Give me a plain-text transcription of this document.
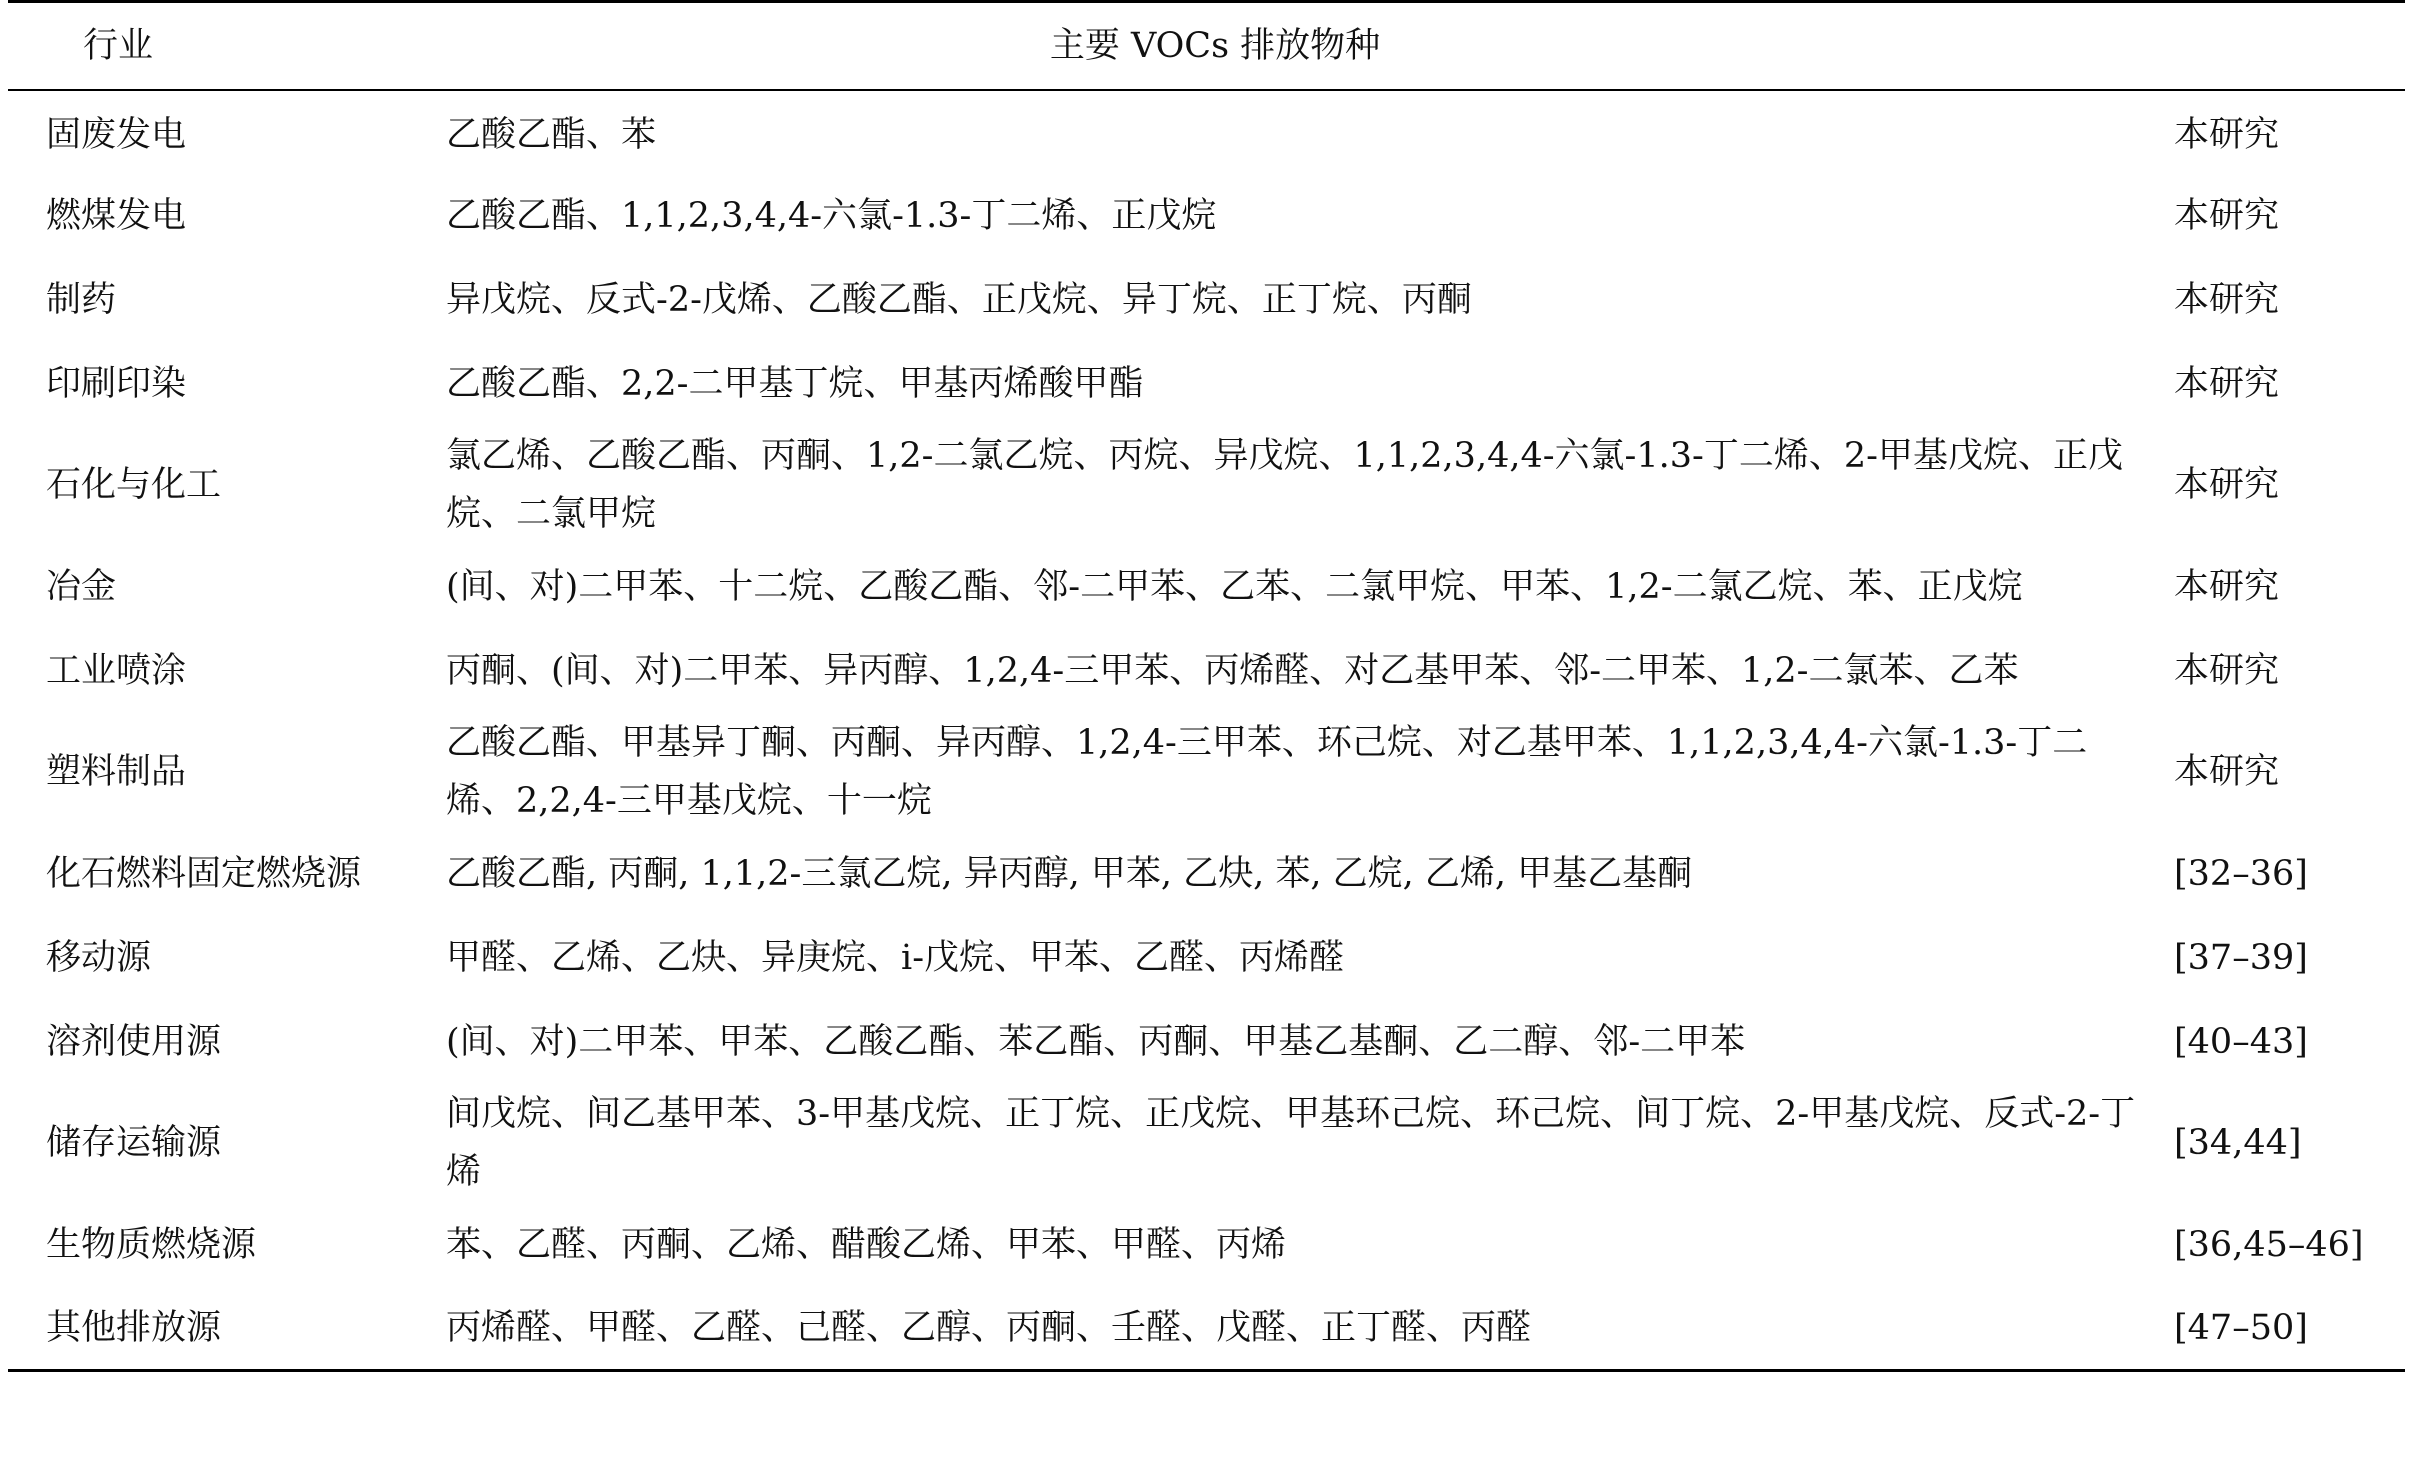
行业	主要 VOCs 排放物种	
固废发电	乙酸乙酯、苯	本研究
燃煤发电	乙酸乙酯、1,1,2,3,4,4-六氯-1.3-丁二烯、正戊烷	本研究
制药	异戊烷、反式-2-戊烯、乙酸乙酯、正戊烷、异丁烷、正丁烷、丙酮	本研究
印刷印染	乙酸乙酯、2,2-二甲基丁烷、甲基丙烯酸甲酯	本研究
石化与化工	氯乙烯、乙酸乙酯、丙酮、1,2-二氯乙烷、丙烷、异戊烷、1,1,2,3,4,4-六氯-1.3-丁二烯、2-甲基戊烷、正戊烷、二氯甲烷	本研究
冶金	(间、对)二甲苯、十二烷、乙酸乙酯、邻-二甲苯、乙苯、二氯甲烷、甲苯、1,2-二氯乙烷、苯、正戊烷	本研究
工业喷涂	丙酮、(间、对)二甲苯、异丙醇、1,2,4-三甲苯、丙烯醛、对乙基甲苯、邻-二甲苯、1,2-二氯苯、乙苯	本研究
塑料制品	乙酸乙酯、甲基异丁酮、丙酮、异丙醇、1,2,4-三甲苯、环己烷、对乙基甲苯、1,1,2,3,4,4-六氯-1.3-丁二烯、2,2,4-三甲基戊烷、十一烷	本研究
化石燃料固定燃烧源	乙酸乙酯, 丙酮, 1,1,2-三氯乙烷, 异丙醇, 甲苯, 乙炔, 苯, 乙烷, 乙烯, 甲基乙基酮	[32–36]
移动源	甲醛、乙烯、乙炔、异庚烷、i-戊烷、甲苯、乙醛、丙烯醛	[37–39]
溶剂使用源	(间、对)二甲苯、甲苯、乙酸乙酯、苯乙酯、丙酮、甲基乙基酮、乙二醇、邻-二甲苯	[40–43]
储存运输源	间戊烷、间乙基甲苯、3-甲基戊烷、正丁烷、正戊烷、甲基环己烷、环己烷、间丁烷、2-甲基戊烷、反式-2-丁烯	[34,44]
生物质燃烧源	苯、乙醛、丙酮、乙烯、醋酸乙烯、甲苯、甲醛、丙烯	[36,45–46]
其他排放源	丙烯醛、甲醛、乙醛、己醛、乙醇、丙酮、壬醛、戊醛、正丁醛、丙醛	[47–50]
